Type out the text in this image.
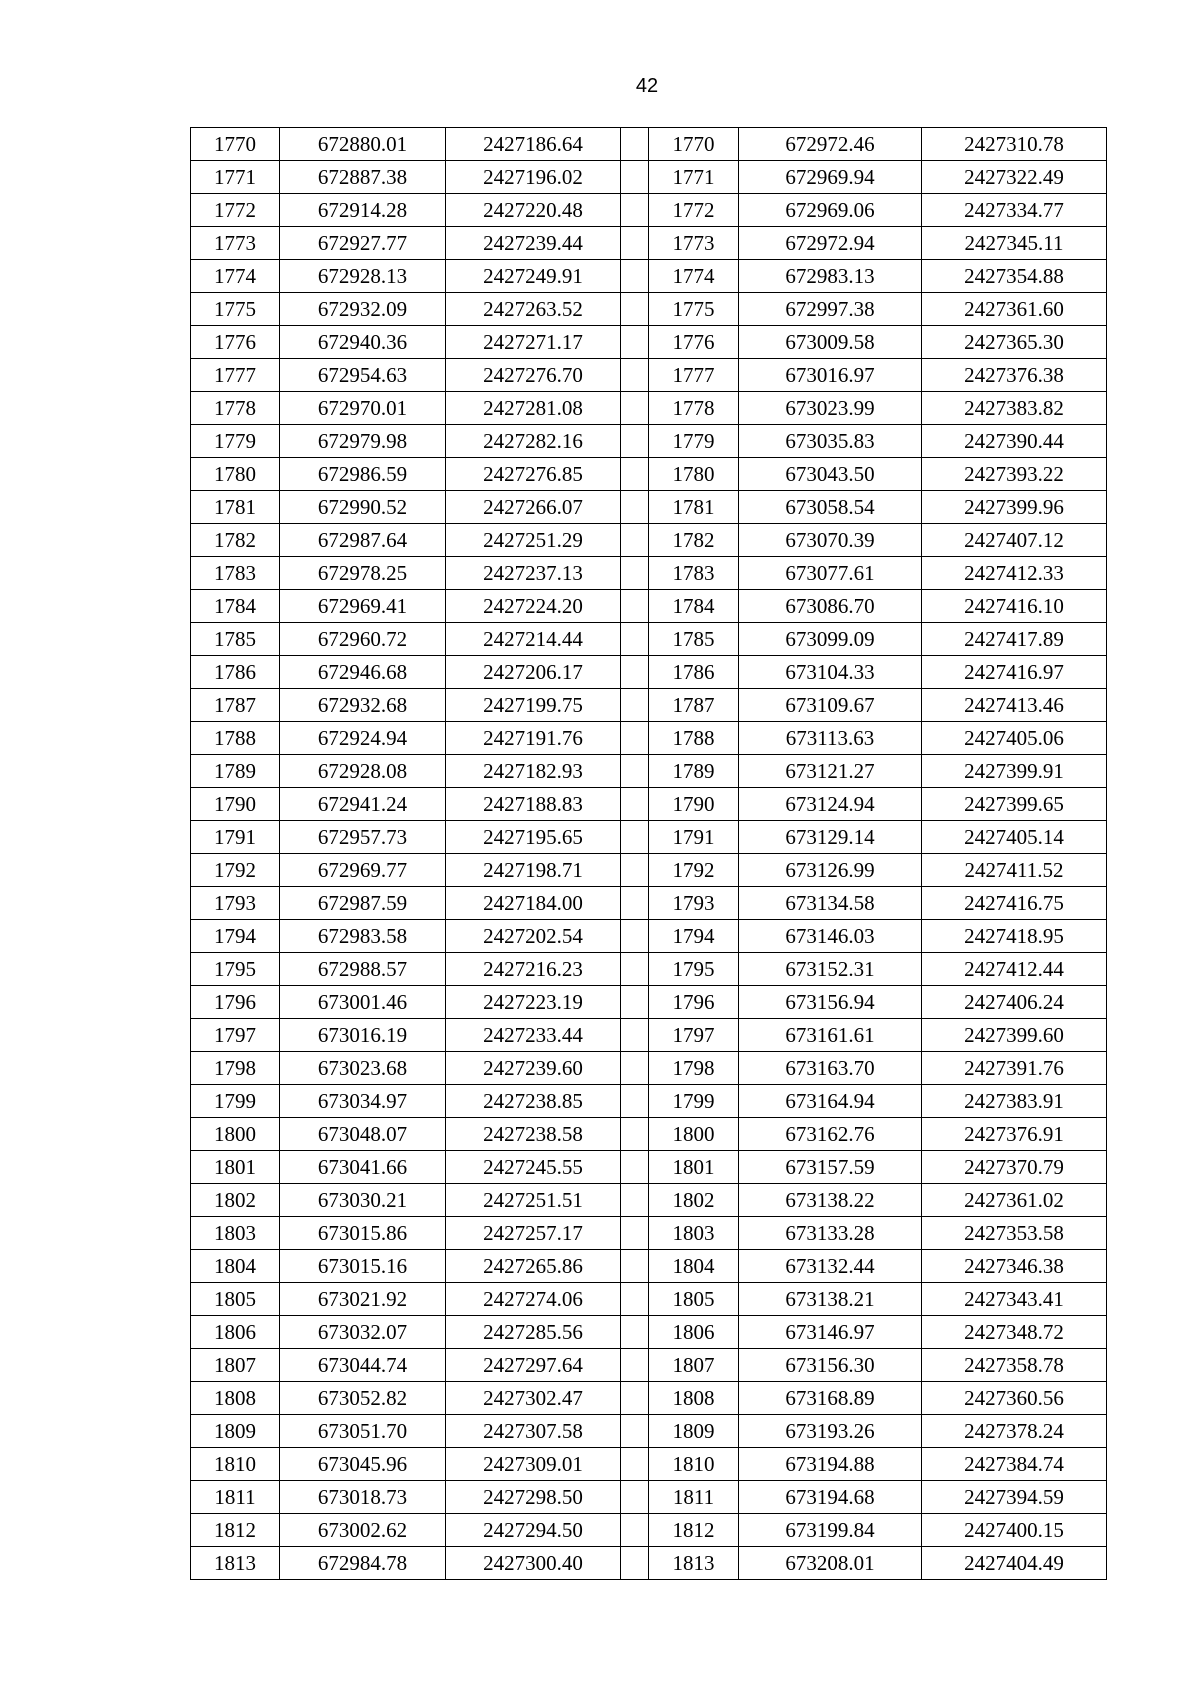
42
1770	672880.01	2427186.64		1770	672972.46	2427310.78
1771	672887.38	2427196.02		1771	672969.94	2427322.49
1772	672914.28	2427220.48		1772	672969.06	2427334.77
1773	672927.77	2427239.44		1773	672972.94	2427345.11
1774	672928.13	2427249.91		1774	672983.13	2427354.88
1775	672932.09	2427263.52		1775	672997.38	2427361.60
1776	672940.36	2427271.17		1776	673009.58	2427365.30
1777	672954.63	2427276.70		1777	673016.97	2427376.38
1778	672970.01	2427281.08		1778	673023.99	2427383.82
1779	672979.98	2427282.16		1779	673035.83	2427390.44
1780	672986.59	2427276.85		1780	673043.50	2427393.22
1781	672990.52	2427266.07		1781	673058.54	2427399.96
1782	672987.64	2427251.29		1782	673070.39	2427407.12
1783	672978.25	2427237.13		1783	673077.61	2427412.33
1784	672969.41	2427224.20		1784	673086.70	2427416.10
1785	672960.72	2427214.44		1785	673099.09	2427417.89
1786	672946.68	2427206.17		1786	673104.33	2427416.97
1787	672932.68	2427199.75		1787	673109.67	2427413.46
1788	672924.94	2427191.76		1788	673113.63	2427405.06
1789	672928.08	2427182.93		1789	673121.27	2427399.91
1790	672941.24	2427188.83		1790	673124.94	2427399.65
1791	672957.73	2427195.65		1791	673129.14	2427405.14
1792	672969.77	2427198.71		1792	673126.99	2427411.52
1793	672987.59	2427184.00		1793	673134.58	2427416.75
1794	672983.58	2427202.54		1794	673146.03	2427418.95
1795	672988.57	2427216.23		1795	673152.31	2427412.44
1796	673001.46	2427223.19		1796	673156.94	2427406.24
1797	673016.19	2427233.44		1797	673161.61	2427399.60
1798	673023.68	2427239.60		1798	673163.70	2427391.76
1799	673034.97	2427238.85		1799	673164.94	2427383.91
1800	673048.07	2427238.58		1800	673162.76	2427376.91
1801	673041.66	2427245.55		1801	673157.59	2427370.79
1802	673030.21	2427251.51		1802	673138.22	2427361.02
1803	673015.86	2427257.17		1803	673133.28	2427353.58
1804	673015.16	2427265.86		1804	673132.44	2427346.38
1805	673021.92	2427274.06		1805	673138.21	2427343.41
1806	673032.07	2427285.56		1806	673146.97	2427348.72
1807	673044.74	2427297.64		1807	673156.30	2427358.78
1808	673052.82	2427302.47		1808	673168.89	2427360.56
1809	673051.70	2427307.58		1809	673193.26	2427378.24
1810	673045.96	2427309.01		1810	673194.88	2427384.74
1811	673018.73	2427298.50		1811	673194.68	2427394.59
1812	673002.62	2427294.50		1812	673199.84	2427400.15
1813	672984.78	2427300.40		1813	673208.01	2427404.49
